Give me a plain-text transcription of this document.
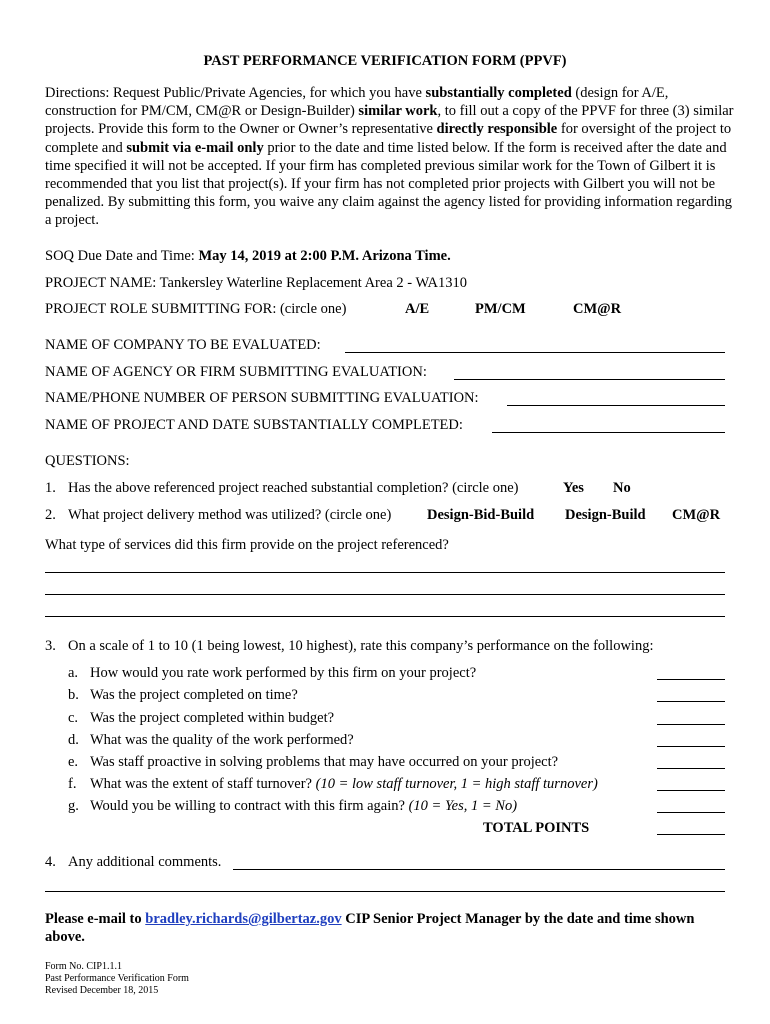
PAST PERFORMANCE VERIFICATION FORM (PPVF)
Directions: Request Public/Private Agencies, for which you have substantially completed (design for A/E, construction for PM/CM, CM@R or Design-Builder) similar work, to fill out a copy of the PPVF for three (3) similar projects. Provide this form to the Owner or Owner’s representative directly responsible for oversight of the project to complete and submit via e-mail only prior to the date and time listed below. If the form is received after the date and time specified it will not be accepted. If your firm has completed previous similar work for the Town of Gilbert it is recommended that you list that project(s). If your firm has not completed prior projects with Gilbert you will not be penalized. By submitting this form, you waive any claim against the agency listed for providing information regarding a project.
SOQ Due Date and Time: May 14, 2019 at 2:00 P.M. Arizona Time.
PROJECT NAME: Tankersley Waterline Replacement Area 2 - WA1310
PROJECT ROLE SUBMITTING FOR: (circle one)	A/E	PM/CM	CM@R
NAME OF COMPANY TO BE EVALUATED:
NAME OF AGENCY OR FIRM SUBMITTING EVALUATION:
NAME/PHONE NUMBER OF PERSON SUBMITTING EVALUATION:
NAME OF PROJECT AND DATE SUBSTANTIALLY COMPLETED:
QUESTIONS:
1. Has the above referenced project reached substantial completion? (circle one)	Yes No
2. What project delivery method was utilized? (circle one) Design-Bid-Build Design-Build CM@R
What type of services did this firm provide on the project referenced?
3. On a scale of 1 to 10 (1 being lowest, 10 highest), rate this company’s performance on the following:
a. How would you rate work performed by this firm on your project?
b. Was the project completed on time?
c. Was the project completed within budget?
d. What was the quality of the work performed?
e. Was staff proactive in solving problems that may have occurred on your project?
f. What was the extent of staff turnover? (10 = low staff turnover, 1 = high staff turnover)
g. Would you be willing to contract with this firm again? (10 = Yes, 1 = No)
TOTAL POINTS
4. Any additional comments.
Please e-mail to bradley.richards@gilbertaz.gov CIP Senior Project Manager by the date and time shown
above.
Form No. CIP1.1.1
Past Performance Verification Form
Revised December 18, 2015
